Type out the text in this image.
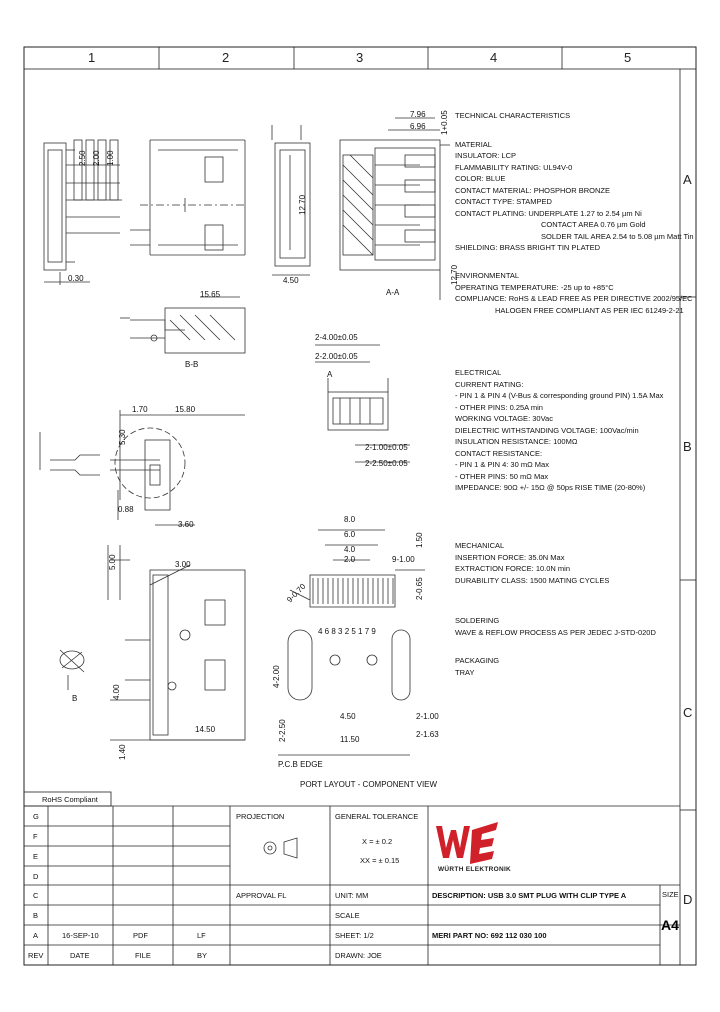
1	2	3	4	5
A
B
C
D
TECHNICAL CHARACTERISTICS
MATERIAL
INSULATOR: LCP
FLAMMABILITY RATING: UL94V-0
COLOR: BLUE
CONTACT MATERIAL: PHOSPHOR BRONZE
CONTACT TYPE: STAMPED
CONTACT PLATING: UNDERPLATE 1.27 to 2.54 µm Ni
CONTACT AREA 0.76 µm Gold
SOLDER TAIL AREA 2.54 to 5.08 µm Matt Tin
SHIELDING: BRASS BRIGHT TIN PLATED
ENVIRONMENTAL
OPERATING TEMPERATURE: -25 up to +85°C
COMPLIANCE: RoHS & LEAD FREE AS PER DIRECTIVE 2002/95/EC
HALOGEN FREE COMPLIANT AS PER IEC 61249-2-21
ELECTRICAL
CURRENT RATING:
- PIN 1 & PIN 4 (V-Bus & corresponding ground PIN) 1.5A Max
- OTHER PINS: 0.25A min
WORKING VOLTAGE: 30Vac
DIELECTRIC WITHSTANDING VOLTAGE: 100Vac/min
INSULATION RESISTANCE: 100MΩ
CONTACT RESISTANCE:
- PIN 1 & PIN 4: 30 mΩ Max
- OTHER PINS: 50 mΩ Max
IMPEDANCE: 90Ω +/- 15Ω @ 50ps RISE TIME (20-80%)
MECHANICAL
INSERTION FORCE: 35.0N Max
EXTRACTION FORCE: 10.0N min
DURABILITY CLASS: 1500 MATING CYCLES
SOLDERING
WAVE & REFLOW PROCESS AS PER JEDEC J-STD-020D
PACKAGING
TRAY
7.96
6.96 1+0.05
12.70
4.50
0.30	12.70
2.50 2.00 1.00
15.65	A-A
B-B
15.80
1.70
5.30
0.88
3.60
5.00	3.00
4.00
14.50
1.40
2-4.00±0.05
2-2.00±0.05
2-1.00±0.05
2-2.50±0.05
A
B
8.0
6.0
4.0
2.0	9-1.00
1.50
2-0.65
9-0.70
4 6 8 3 2 5 1 7 9
4-2.00
2-2.50
4.50
11.50
2-1.00
2-1.63
P.C.B EDGE
PORT LAYOUT - COMPONENT VIEW
RoHS Compliant
G
F
E
D
C
B
A	16-SEP-10	PDF	LF
REV	DATE	FILE	BY
PROJECTION	GENERAL TOLERANCE
X = ± 0.2
XX = ± 0.15
APPROVAL FL	UNIT: MM
SCALE
SHEET: 1/2
DRAWN: JOE
WÜRTH ELEKTRONIK
DESCRIPTION: USB 3.0 SMT PLUG WITH CLIP TYPE A
MERI PART NO: 692 112 030 100
SIZE
A4
